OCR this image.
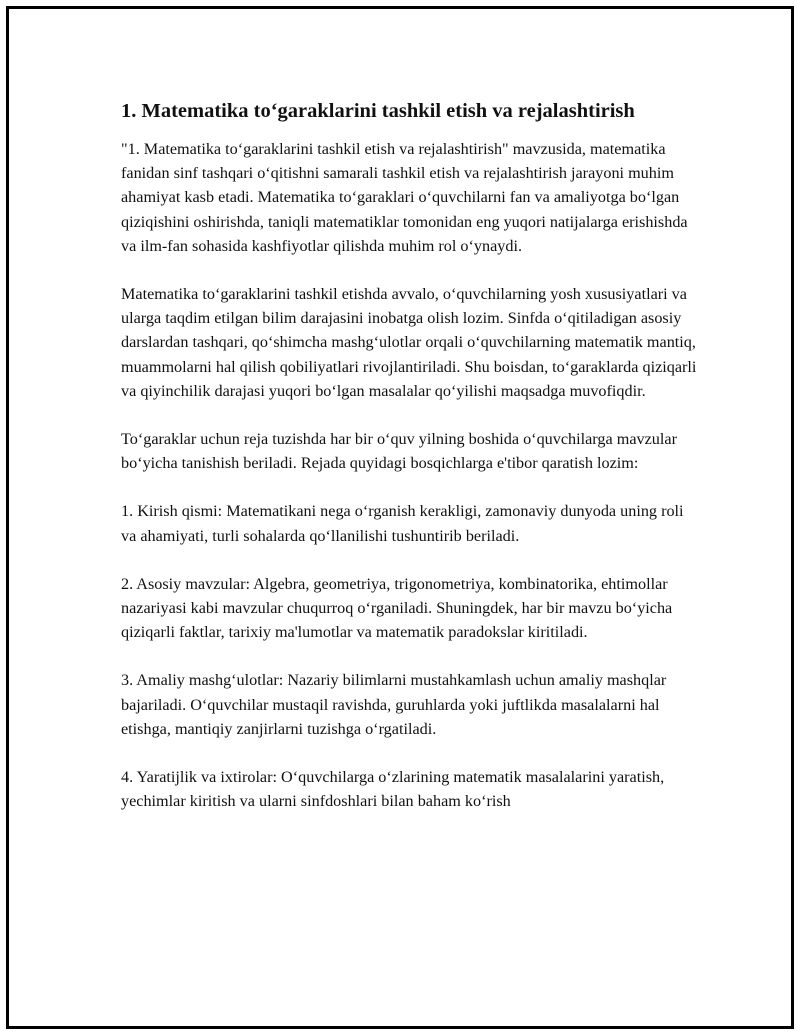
1. Matematika to‘garaklarini tashkil etish va rejalashtirish

"1. Matematika to‘garaklarini tashkil etish va rejalashtirish" mavzusida, matematika fanidan sinf tashqari o‘qitishni samarali tashkil etish va rejalashtirish jarayoni muhim ahamiyat kasb etadi. Matematika to‘garaklari o‘quvchilarni fan va amaliyotga bo‘lgan qiziqishini oshirishda, taniqli matematiklar tomonidan eng yuqori natijalarga erishishda va ilm-fan sohasida kashfiyotlar qilishda muhim rol o‘ynaydi.

Matematika to‘garaklarini tashkil etishda avvalo, o‘quvchilarning yosh xususiyatlari va ularga taqdim etilgan bilim darajasini inobatga olish lozim. Sinfda o‘qitiladigan asosiy darslardan tashqari, qo‘shimcha mashg‘ulotlar orqali o‘quvchilarning matematik mantiq, muammolarni hal qilish qobiliyatlari rivojlantiriladi. Shu boisdan, to‘garaklarda qiziqarli va qiyinchilik darajasi yuqori bo‘lgan masalalar qo‘yilishi maqsadga muvofiqdir.

To‘garaklar uchun reja tuzishda har bir o‘quv yilning boshida o‘quvchilarga mavzular bo‘yicha tanishish beriladi. Rejada quyidagi bosqichlarga e'tibor qaratish lozim:

1. Kirish qismi: Matematikani nega o‘rganish kerakligi, zamonaviy dunyoda uning roli va ahamiyati, turli sohalarda qo‘llanilishi tushuntirib beriladi.

2. Asosiy mavzular: Algebra, geometriya, trigonometriya, kombinatorika, ehtimollar nazariyasi kabi mavzular chuqurroq o‘rganiladi. Shuningdek, har bir mavzu bo‘yicha qiziqarli faktlar, tarixiy ma'lumotlar va matematik paradokslar kiritiladi.

3. Amaliy mashg‘ulotlar: Nazariy bilimlarni mustahkamlash uchun amaliy mashqlar bajariladi. O‘quvchilar mustaqil ravishda, guruhlarda yoki juftlikda masalalarni hal etishga, mantiqiy zanjirlarni tuzishga o‘rgatiladi.

4. Yaratijlik va ixtirolar: O‘quvchilarga o‘zlarining matematik masalalarini yaratish, yechimlar kiritish va ularni sinfdoshlari bilan baham ko‘rish
